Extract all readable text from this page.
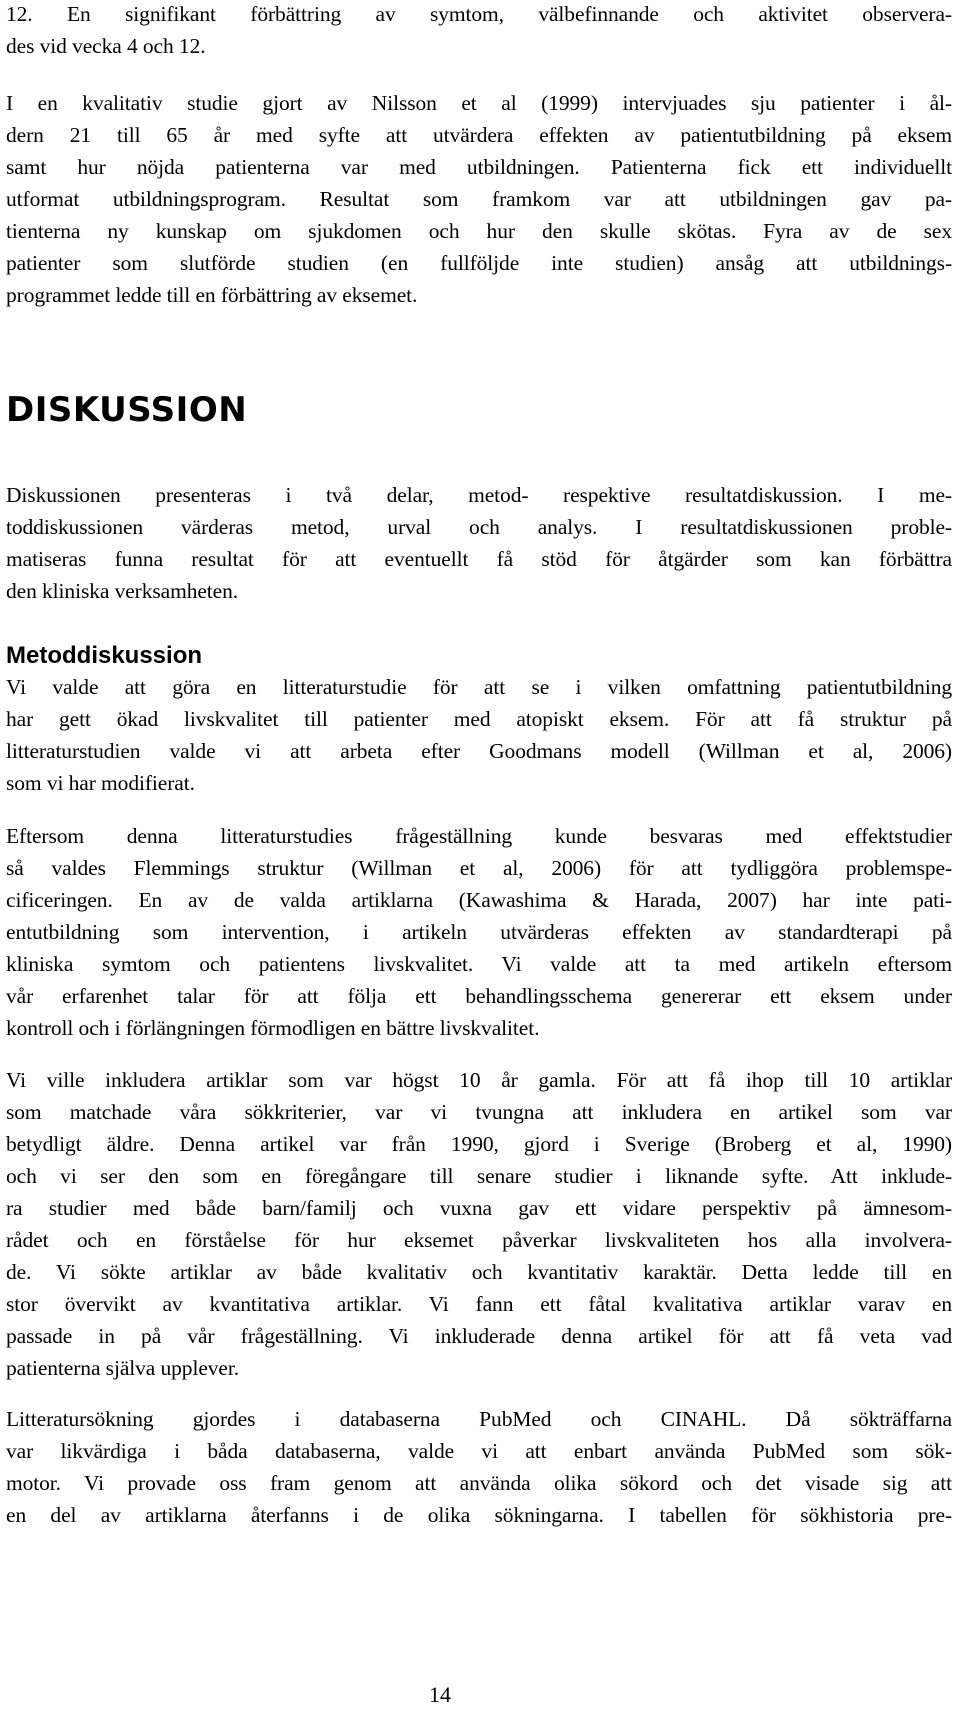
12. En signifikant förbättring av symtom, välbefinnande och aktivitet observera-
des vid vecka 4 och 12.
I en kvalitativ studie gjort av Nilsson et al (1999) intervjuades sju patienter i ål-
dern 21 till 65 år med syfte att utvärdera effekten av patientutbildning på eksem
samt hur nöjda patienterna var med utbildningen. Patienterna fick ett individuellt
utformat utbildningsprogram. Resultat som framkom var att utbildningen gav pa-
tienterna ny kunskap om sjukdomen och hur den skulle skötas. Fyra av de sex
patienter som slutförde studien (en fullföljde inte studien) ansåg att utbildnings-
programmet ledde till en förbättring av eksemet.
DISKUSSION
Diskussionen presenteras i två delar, metod- respektive resultatdiskussion. I me-
toddiskussionen värderas metod, urval och analys. I resultatdiskussionen proble-
matiseras funna resultat för att eventuellt få stöd för åtgärder som kan förbättra
den kliniska verksamheten.
Metoddiskussion
Vi valde att göra en litteraturstudie för att se i vilken omfattning patientutbildning
har gett ökad livskvalitet till patienter med atopiskt eksem. För att få struktur på
litteraturstudien valde vi att arbeta efter Goodmans modell (Willman et al, 2006)
som vi har modifierat.
Eftersom denna litteraturstudies frågeställning kunde besvaras med effektstudier
så valdes Flemmings struktur (Willman et al, 2006) för att tydliggöra problemspe-
cificeringen. En av de valda artiklarna (Kawashima & Harada, 2007) har inte pati-
entutbildning som intervention, i artikeln utvärderas effekten av standardterapi på
kliniska symtom och patientens livskvalitet. Vi valde att ta med artikeln eftersom
vår erfarenhet talar för att följa ett behandlingsschema genererar ett eksem under
kontroll och i förlängningen förmodligen en bättre livskvalitet.
Vi ville inkludera artiklar som var högst 10 år gamla. För att få ihop till 10 artiklar
som matchade våra sökkriterier, var vi tvungna att inkludera en artikel som var
betydligt äldre. Denna artikel var från 1990, gjord i Sverige (Broberg et al, 1990)
och vi ser den som en föregångare till senare studier i liknande syfte. Att inklude-
ra studier med både barn/familj och vuxna gav ett vidare perspektiv på ämnesom-
rådet och en förståelse för hur eksemet påverkar livskvaliteten hos alla involvera-
de. Vi sökte artiklar av både kvalitativ och kvantitativ karaktär. Detta ledde till en
stor övervikt av kvantitativa artiklar. Vi fann ett fåtal kvalitativa artiklar varav en
passade in på vår frågeställning. Vi inkluderade denna artikel för att få veta vad
patienterna själva upplever.
Litteratursökning gjordes i databaserna PubMed och CINAHL. Då sökträffarna
var likvärdiga i båda databaserna, valde vi att enbart använda PubMed som sök-
motor. Vi provade oss fram genom att använda olika sökord och det visade sig att
en del av artiklarna återfanns i de olika sökningarna. I tabellen för sökhistoria pre-
14
